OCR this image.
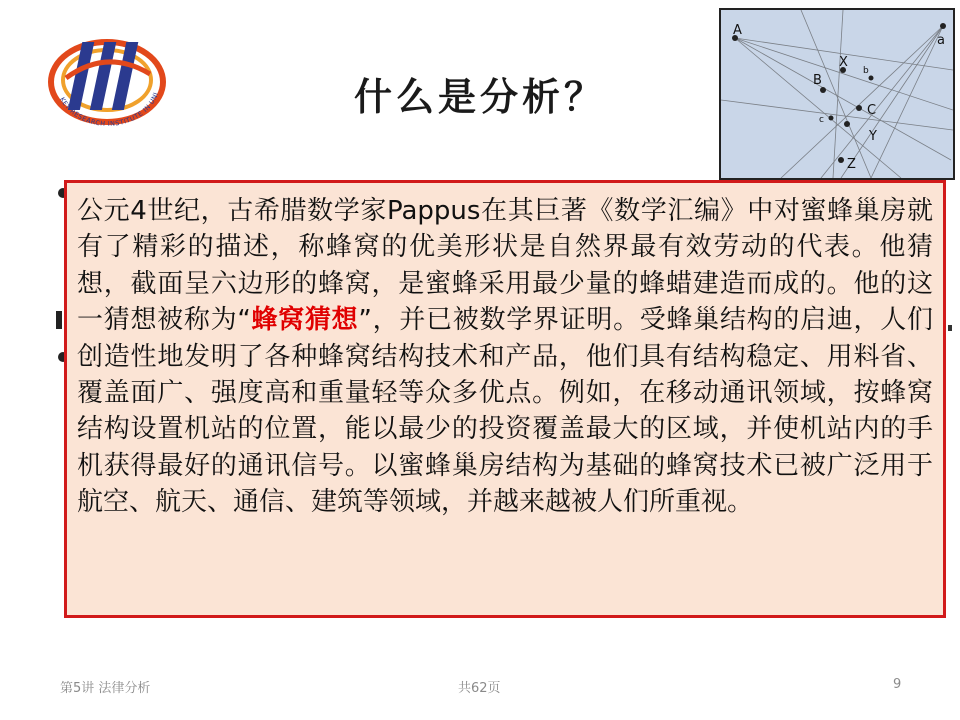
KEY RESEARCH INSTITUTE IN UNI	什么是分析？
A
a
X
b
B
C
c
Y
Z

公元4世纪，古希腊数学家Pappus在其巨著《数学汇编》中对蜜蜂巢房就有了精彩的描述，称蜂窝的优美形状是自然界最有效劳动的代表。他猜想，截面呈六边形的蜂窝，是蜜蜂采用最少量的蜂蜡建造而成的。他的这一猜想被称为“蜂窝猜想”，并已被数学界证明。受蜂巢结构的启迪，人们创造性地发明了各种蜂窝结构技术和产品，他们具有结构稳定、用料省、覆盖面广、强度高和重量轻等众多优点。例如，在移动通讯领域，按蜂窝结构设置机站的位置，能以最少的投资覆盖最大的区域，并使机站内的手机获得最好的通讯信号。以蜜蜂巢房结构为基础的蜂窝技术已被广泛用于航空、航天、通信、建筑等领域，并越来越被人们所重视。

第5讲 法律分析	共62页	9
